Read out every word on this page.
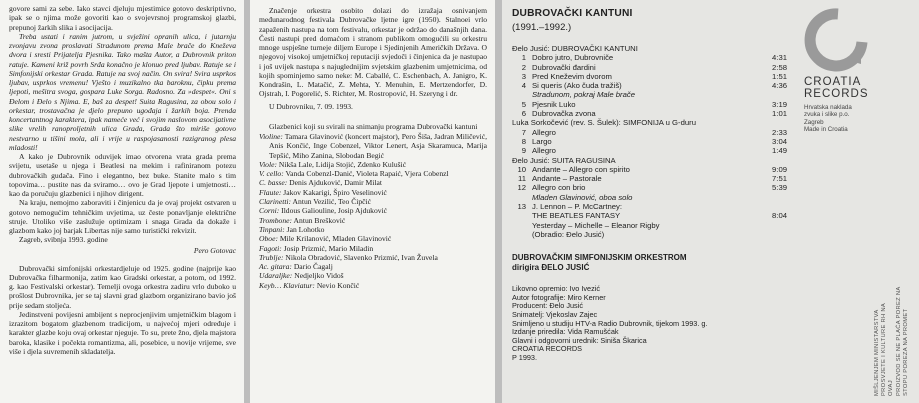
govore sami za sebe. Iako stavci djeluju mjestimice gotovo deskriptivno, ipak se o njima može govoriti kao o svojevrsnoj programskoj glazbi, prepunoj žarkih slika i asocijacija.

Treba ustati i ranim jutrom, u svježini opranih ulica, i jutarnju zvonjavu zvona proslavati Stradunom prema Male brače do Kneževa dvora i sresti Prijatelja Pjesnika. Tako mašta Autor, a Dubrovnik priton ratuje. Kameni križ povrh Srđa konačno je klonuo pred ljubav. Ratuje se i Simfonijski orkestar Grada. Ratuje na svoj način. On svira! Svira usprkos ljubav, usprkos vremenu! Vješto i muzikalno tka baroknu, čipku prema ljepoti, mešitra svoga, gospara Luke Sorga. Radosno. Za »despet«. Oni s Đelom i Đelo s Njima. E, baš za despet! Suita Ragusina, za obou solo i orkestar, trostavačna je djelo prepuno ugođaja i žarkih boja. Prenda koncertantnog karaktera, ipak nameće već i svojim naslovom asocijativne slike vrelih ranoproljetnih ulica Grada, Grada što miriše gotovo nestvarno u tišini mola, ali i vrije u raspojasanosti razigranog plesa mladosti!

A kako je Dubrovnik oduvijek imao otvorena vrata grada prema svijetu, usetaše u njega i Beatlesi na mekim i rafiniranom potezu dubrovačkih gudača. Fino i elegantno, bez buke. Stanite malo s tim topovima… pustite nas da sviramo… ovo je Grad ljepote i umjetnosti… kao da poručuju glazbenici i njihov dirigent.

Na kraju, nemojmo zaboraviti i činjenicu da je ovaj projekt ostvaren u gotovo nemogućim tehničkim uvjetima, uz česte ponavljanje električne struje. Utoliko više zaslužuje optimizam i snaga Grada da dokaže i glazbom kako joj barjak Libertas nije samo turistički rekvizit.

Zagreb, svibnja 1993. godine
Pero Gotovac

Dubrovački simfonijski orkestardjeluje od 1925. godine (najprije kao Dubrovačka filharmonija, zatim kao Gradski orkestar, a potom, od 1992. g. kao Festivalski orkestar). Temelji ovoga orkestra zadiru vrlo duboko u prošlost Dubrovnika, jer se taj slavni grad glazbom organizirano bavio još prije sedam stoljeća.

Jedinstveni povijesni ambijent s neprocjenjivim umjetničkim blagom i izrazitom bogatom glazbenom tradicijom, u najvećoj mjeri određuje i karakter glazbe koju ovaj orkestar njeguje. To su, prete žno, djela majstora baroka, klasike i počekta romantizma, ali, posebice, u novije vrijeme, sve više i djela suvremenih skladatelja.

Značenje orkestra osobito dolazi do izražaja osnivanjem međunarodnog festivala Dubrovačke ljetne igre (1950). Stalnoei vrlo zapaženih nastupa na tom festivalu, orkestar je održao do današnjih dana. Česti nastupi pred domaćom i stranom publikom omogućili su orkestru mnoge uspješne turneje diljem Europe i Sjedinjenih Američkih Država. O njegovoj visokoj umjetničkoj reputaciji svjedoči i činjenica da je nastupao i još uvijek nastupa s najuglednijim svjetskim glazbenim umjetnicima, od kojih spominjemo samo neke: M. Caballé, C. Eschenbach, A. Janigro, K. Kondrašin, L. Matačić, Z. Mehta, Y. Menuhin, E. Mertzendorfer, D. Ojstrah, I. Pogorelić, S. Richter, M. Rostropović, H. Szeryng i dr.

U Dubrovniku, 7. 09. 1993.

Glazbenici koji su svirali na snimanju programa Dubrovački kantuni

Violine: Tamara Glavinović (koncert majstor), Pero Šiša, Jadran Miličević, Anis Končić, Inge Cobenzel, Viktor Lenert, Asja Skaramuca, Marija Tepšić, Miho Zanina, Slobodan Begić

Viole: Nikša Lale, Lidija Stojić, Zdenko Kulušić

V. cello: Vanda Cobenzl-Danić, Violeta Rapaić, Vjera Cobenzl

C. basse: Denis Ajduković, Damir Milat

Flaute: Jakov Kakarigi, Špiro Veselinović

Clarinetti: Antun Vezilić, Teo Čipčić

Corni: Ildous Galiouline, Josip Ajduković

Trombone: Antun Brešković

Tinpani: Jan Lohotko

Oboe: Mile Krilanović, Mladen Glavinović

Fagoti: Josip Prizmić, Mario Miladin

Trublje: Nikola Obradović, Slavenko Prizmić, Ivan Žuvela

Ac. gitara: Dario Čagalj

Udaraljke: Nedjeljko Vidoš

Keyb… Klaviatur: Nevio Končić

DUBROVAČKI KANTUNI
(1991.–1992.)
Đelo Jusić: DUBROVAČKI KANTUNI
1 Dobro jutro, Dubrovniče	4:31
2 Dubrovački đardini	2:58
3 Pred Kneževim dvorom	1:51
4 Si queris (Ako čuda tražiš)	4:36
Stradunom, pokraj Male brače
5 Pjesnik Luko	3:19
6 Dubrovačka zvona	1:01
Luka Sorkočević (rev. S. Šulek): SIMFONIJA u G-duru
7 Allegro	2:33
8 Largo	3:04
9 Allegro	1:49
Đelo Jusić: SUITA RAGUSINA
10 Andante – Allegro con spirito	9:09
11 Andante – Pastorale	7:51
12 Allegro con brio	5:39
Mladen Glavinović, oboa solo
13 J. Lennon – P. McCartney:
THE BEATLES FANTASY	8:04
Yesterday – Michelle – Eleanor Rigby
(Obradio: Đelo Jusić)
DUBROVAČKIM SIMFONIJSKIM ORKESTROM
dirigira ĐELO JUSIĆ
Likovno opremio: Ivo Ivezić
Autor fotografije: Miro Kerner
Producent: Đelo Jusić
Snimatelj: Vjekoslav Zajec
Snimljeno u studiju HTV-a Radio Dubrovnik, tijekom 1993. g.
Izdanje priredila: Vida Ramušćak
Glavni i odgovorni urednik: Siniša Škarica
CROATIA RECORDS
P 1993.
CROATIA
RECORDS
Hrvatska naklada
zvuka i slike p.o.
Zagreb
Made in Croatia
MIŠLJENJEM MINISTARSTVA PROSVJETE I KULTURE RH NA OVAJ PROIZVOD SE NE PLAĆA POREZ NA STOPU POREZA NA PROMET
